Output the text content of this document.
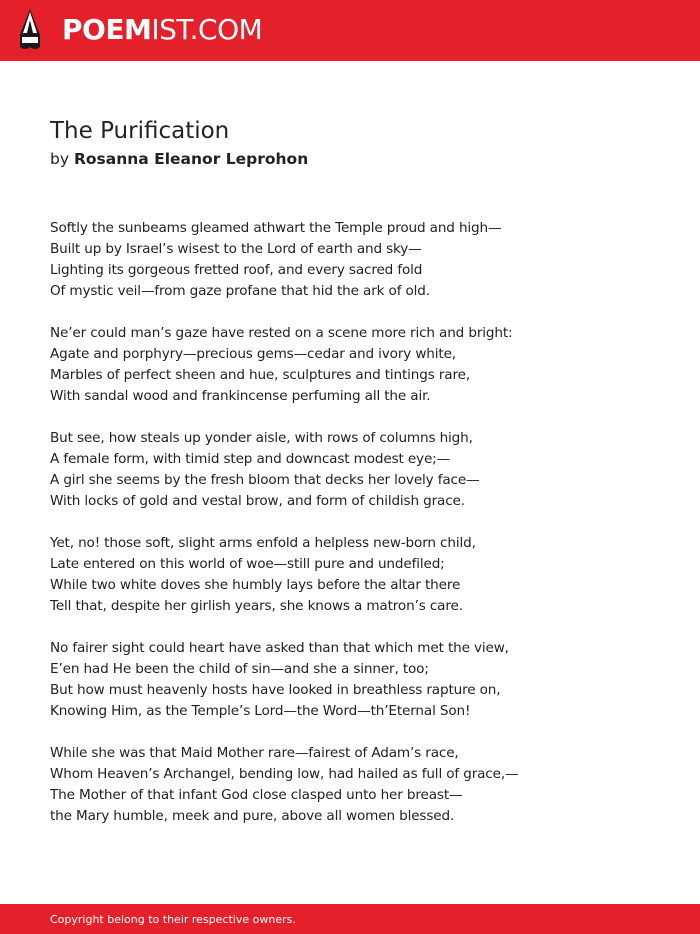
POEMIST.COM
The Purification
by Rosanna Eleanor Leprohon
Softly the sunbeams gleamed athwart the Temple proud and high—
Built up by Israel’s wisest to the Lord of earth and sky—
Lighting its gorgeous fretted roof, and every sacred fold
Of mystic veil—from gaze profane that hid the ark of old.
Ne’er could man’s gaze have rested on a scene more rich and bright:
Agate and porphyry—precious gems—cedar and ivory white,
Marbles of perfect sheen and hue, sculptures and tintings rare,
With sandal wood and frankincense perfuming all the air.
But see, how steals up yonder aisle, with rows of columns high,
A female form, with timid step and downcast modest eye;—
A girl she seems by the fresh bloom that decks her lovely face—
With locks of gold and vestal brow, and form of childish grace.
Yet, no! those soft, slight arms enfold a helpless new-born child,
Late entered on this world of woe—still pure and undefiled;
While two white doves she humbly lays before the altar there
Tell that, despite her girlish years, she knows a matron’s care.
No fairer sight could heart have asked than that which met the view,
E’en had He been the child of sin—and she a sinner, too;
But how must heavenly hosts have looked in breathless rapture on,
Knowing Him, as the Temple’s Lord—the Word—th’Eternal Son!
While she was that Maid Mother rare—fairest of Adam’s race,
Whom Heaven’s Archangel, bending low, had hailed as full of grace,—
The Mother of that infant God close clasped unto her breast—
the Mary humble, meek and pure, above all women blessed.
Copyright belong to their respective owners.
